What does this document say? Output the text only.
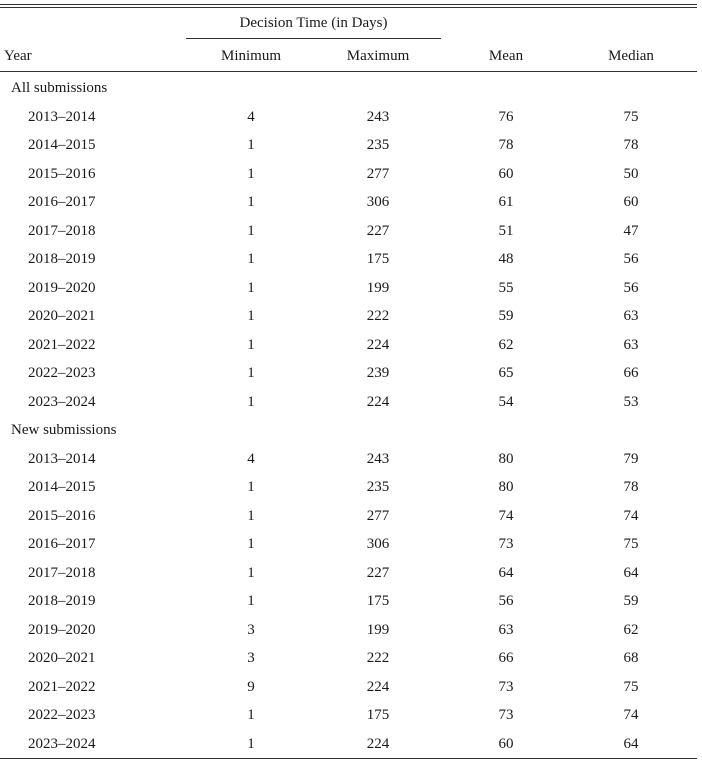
Decision Time (in Days)
Year	Minimum	Maximum	Mean	Median
All submissions
2013–2014	4	243	76	75
2014–2015	1	235	78	78
2015–2016	1	277	60	50
2016–2017	1	306	61	60
2017–2018	1	227	51	47
2018–2019	1	175	48	56
2019–2020	1	199	55	56
2020–2021	1	222	59	63
2021–2022	1	224	62	63
2022–2023	1	239	65	66
2023–2024	1	224	54	53
New submissions
2013–2014	4	243	80	79
2014–2015	1	235	80	78
2015–2016	1	277	74	74
2016–2017	1	306	73	75
2017–2018	1	227	64	64
2018–2019	1	175	56	59
2019–2020	3	199	63	62
2020–2021	3	222	66	68
2021–2022	9	224	73	75
2022–2023	1	175	73	74
2023–2024	1	224	60	64
